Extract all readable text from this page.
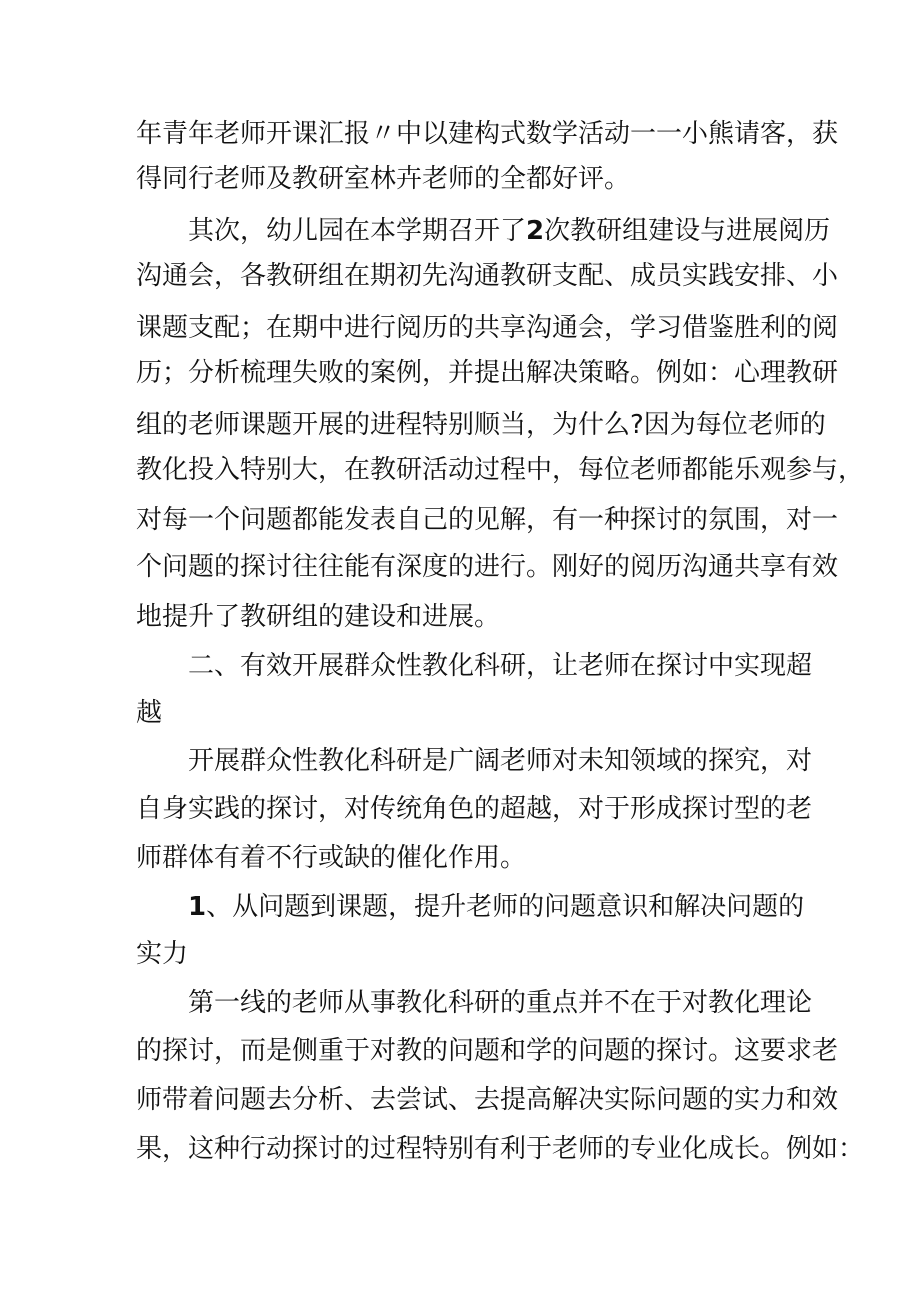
年青年老师开课汇报〃中以建构式数学活动一一小熊请客，获
得同行老师及教研室林卉老师的全都好评。
其次，幼儿园在本学期召开了2次教研组建设与进展阅历
沟通会，各教研组在期初先沟通教研支配、成员实践安排、小
课题支配；在期中进行阅历的共享沟通会，学习借鉴胜利的阅
历；分析梳理失败的案例，并提出解决策略。例如：心理教研
组的老师课题开展的进程特别顺当，为什么?因为每位老师的
教化投入特别大，在教研活动过程中，每位老师都能乐观参与，
对每一个问题都能发表自己的见解，有一种探讨的氛围，对一
个问题的探讨往往能有深度的进行。刚好的阅历沟通共享有效
地提升了教研组的建设和进展。
二、有效开展群众性教化科研，让老师在探讨中实现超
越
开展群众性教化科研是广阔老师对未知领域的探究，对
自身实践的探讨，对传统角色的超越，对于形成探讨型的老
师群体有着不行或缺的催化作用。
1、从问题到课题，提升老师的问题意识和解决问题的
实力
第一线的老师从事教化科研的重点并不在于对教化理论
的探讨，而是侧重于对教的问题和学的问题的探讨。这要求老
师带着问题去分析、去尝试、去提高解决实际问题的实力和效
果，这种行动探讨的过程特别有利于老师的专业化成长。例如：
